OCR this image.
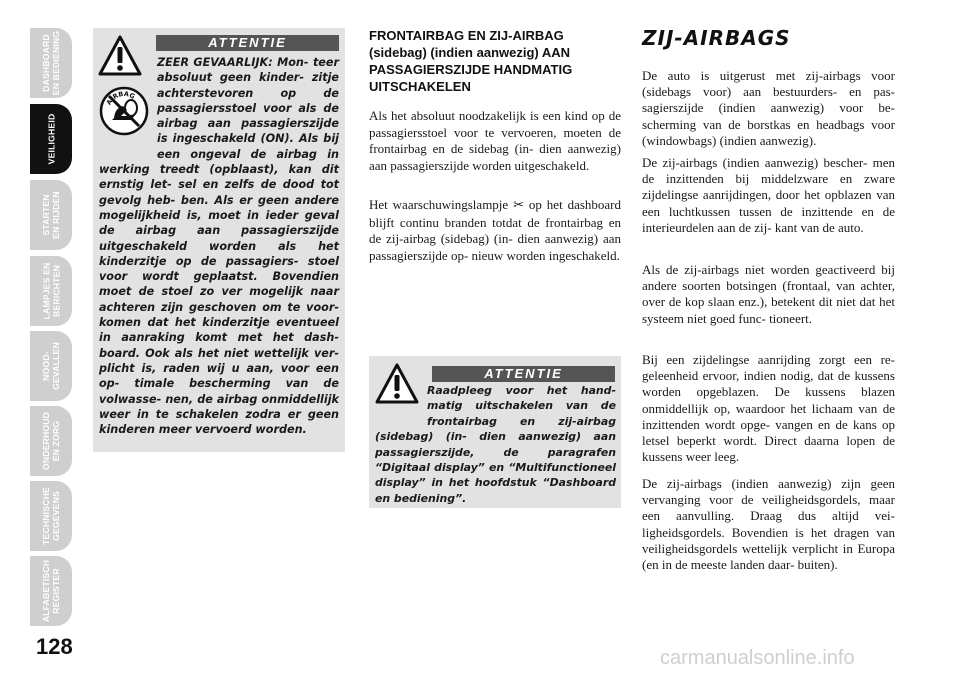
DASHBOARD
EN BEDIENING
VEILIGHEID
STARTEN
EN RIJDEN
LAMPJES EN
BERICHTEN
NOOD-
GEVALLEN
ONDERHOUD
EN ZORG
TECHNISCHE
GEGEVENS
ALFABETISCH
REGISTER
128
ATTENTIE
AIRBAG
ZEER GEVAARLIJK: Mon- teer absoluut geen kinder- zitje achterstevoren op de passagiersstoel voor als de airbag aan passagierszijde is ingeschakeld (ON). Als bij een ongeval de airbag in werking treedt (opblaast), kan dit ernstig let- sel en zelfs de dood tot gevolg heb- ben. Als er geen andere mogelijkheid is, moet in ieder geval de airbag aan passagierszijde uitgeschakeld worden als het kinderzitje op de passagiers- stoel voor wordt geplaatst. Bovendien moet de stoel zo ver mogelijk naar achteren zijn geschoven om te voor- komen dat het kinderzitje eventueel in aanraking komt met het dash- board. Ook als het niet wettelijk ver- plicht is, raden wij u aan, voor een op- timale bescherming van de volwasse- nen, de airbag onmiddellijk weer in te schakelen zodra er geen kinderen meer vervoerd worden.
FRONTAIRBAG EN ZIJ-AIRBAG (sidebag) (indien aanwezig) AAN PASSAGIERSZIJDE HANDMATIG UITSCHAKELEN

Als het absoluut noodzakelijk is een kind op de passagiersstoel voor te vervoeren, moeten de frontairbag en de sidebag (in- dien aanwezig) aan passagierszijde worden uitgeschakeld.

Het waarschuwingslampje ✂ op het dashboard blijft continu branden totdat de frontairbag en de zij-airbag (sidebag) (in- dien aanwezig) aan passagierszijde op- nieuw worden ingeschakeld.

ATTENTIE
Raadpleeg voor het hand- matig uitschakelen van de frontairbag en zij-airbag (sidebag) (in- dien aanwezig) aan passagierszijde, de paragrafen “Digitaal display” en “Multifunctioneel display” in het hoofdstuk “Dashboard en bediening”.
ZIJ-AIRBAGS

De auto is uitgerust met zij-airbags voor (sidebags voor) aan bestuurders- en pas- sagierszijde (indien aanwezig) voor be- scherming van de borstkas en headbags voor (windowbags) (indien aanwezig).

De zij-airbags (indien aanwezig) bescher- men de inzittenden bij middelzware en zware zijdelingse aanrijdingen, door het opblazen van een luchtkussen tussen de inzittende en de interieurdelen aan de zij- kant van de auto.

Als de zij-airbags niet worden geactiveerd bij andere soorten botsingen (frontaal, van achter, over de kop slaan enz.), betekent dit niet dat het systeem niet goed func- tioneert.

Bij een zijdelingse aanrijding zorgt een re- geleenheid ervoor, indien nodig, dat de kussens worden opgeblazen. De kussens blazen onmiddellijk op, waardoor het lichaam van de inzittenden wordt opge- vangen en de kans op letsel beperkt wordt. Direct daarna lopen de kussens weer leeg.

De zij-airbags (indien aanwezig) zijn geen vervanging voor de veiligheidsgordels, maar een aanvulling. Draag dus altijd vei- ligheidsgordels. Bovendien is het dragen van veiligheidsgordels wettelijk verplicht in Europa (en in de meeste landen daar- buiten).

carmanualsonline.info
